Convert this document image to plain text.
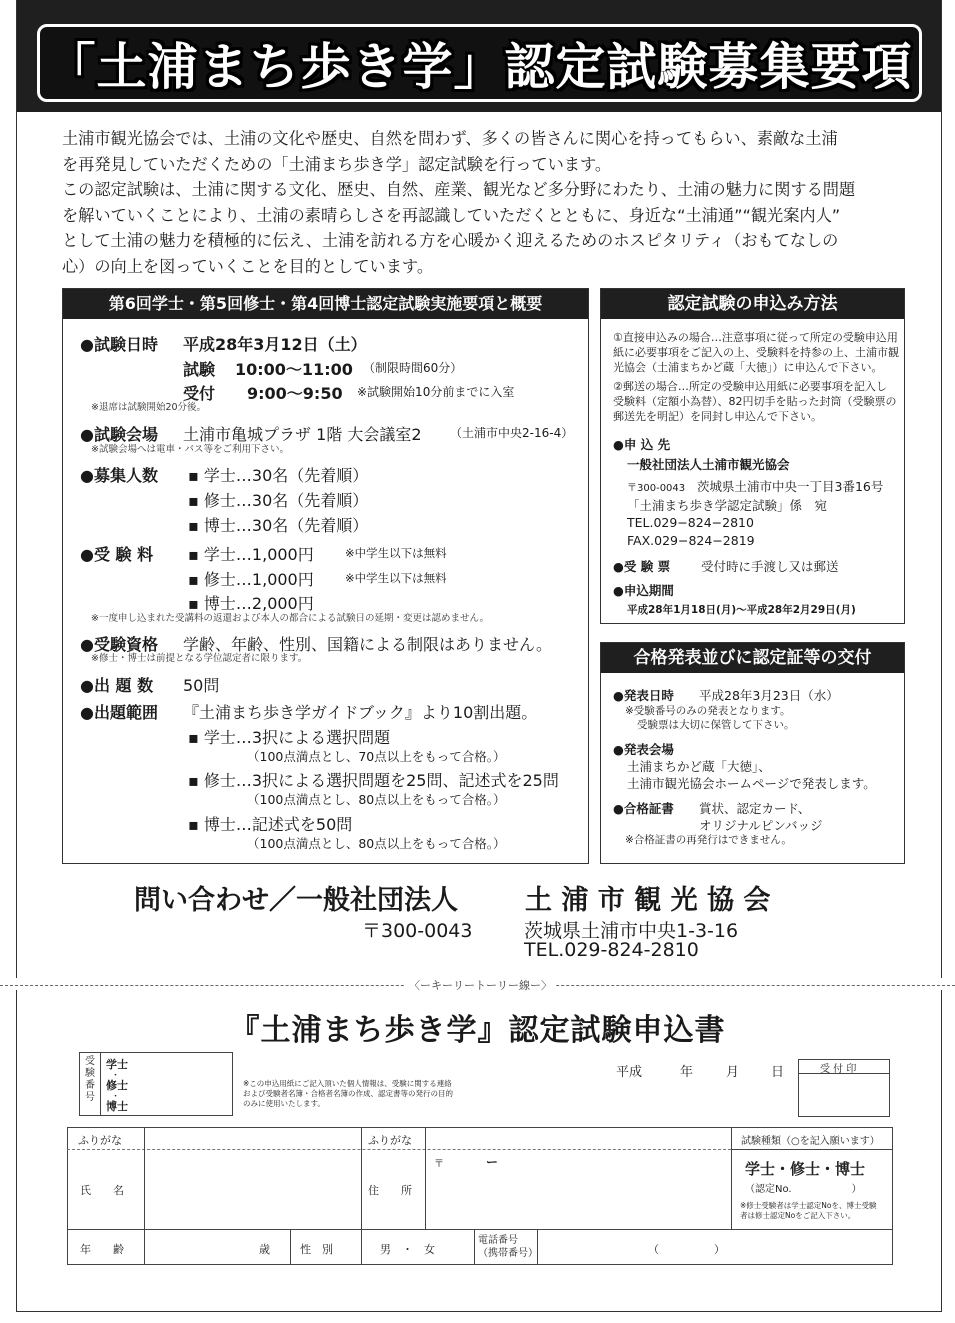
「土浦まち歩き学」認定試験募集要項
土浦市観光協会では、土浦の文化や歴史、自然を問わず、多くの皆さんに関心を持ってもらい、素敵な土浦
を再発見していただくための「土浦まち歩き学」認定試験を行っています。
この認定試験は、土浦に関する文化、歴史、自然、産業、観光など多分野にわたり、土浦の魅力に関する問題
を解いていくことにより、土浦の素晴らしさを再認識していただくとともに、身近な“土浦通”“観光案内人”
として土浦の魅力を積極的に伝え、土浦を訪れる方を心暖かく迎えるためのホスピタリティ（おもてなしの
心）の向上を図っていくことを目的としています。
第6回学士・第5回修士・第4回博士認定試験実施要項と概要
●試験日時 平成28年3月12日（土）
試験 10:00〜11:00 （制限時間60分）
受付 9:00〜9:50 ※試験開始10分前までに入室
※退席は試験開始20分後。
●試験会場 土浦市亀城プラザ 1階 大会議室2 （土浦市中央2-16-4）
※試験会場へは電車・バス等をご利用下さい。
●募集人数 ▪ 学士…30名（先着順）
▪ 修士…30名（先着順）
▪ 博士…30名（先着順）
●受 験 料 ▪ 学士…1,000円	※中学生以下は無料
▪ 修士…1,000円	※中学生以下は無料
▪ 博士…2,000円
※一度申し込まれた受講料の返還および本人の都合による試験日の延期・変更は認めません。
●受験資格 学齢、年齢、性別、国籍による制限はありません。
※修士・博士は前提となる学位認定者に限ります。
●出 題 数 50問
●出題範囲 『土浦まち歩き学ガイドブック』より10割出題。
▪ 学士…3択による選択問題
（100点満点とし、70点以上をもって合格。）
▪ 修士…3択による選択問題を25問、記述式を25問
（100点満点とし、80点以上をもって合格。）
▪ 博士…記述式を50問
（100点満点とし、80点以上をもって合格。）
認定試験の申込み方法
①直接申込みの場合…注意事項に従って所定の受験申込用
紙に必要事項をご記入の上、受験料を持参の上、土浦市観
光協会（土浦まちかど蔵「大徳」）に申込んで下さい。
②郵送の場合…所定の受験申込用紙に必要事項を記入し
受験料（定額小為替）、82円切手を貼った封筒（受験票の
郵送先を明記）を同封し申込んで下さい。
●申 込 先
一般社団法人土浦市観光協会
〒300-0043 茨城県土浦市中央一丁目3番16号
「土浦まち歩き学認定試験」係　宛
TEL.029−824−2810
FAX.029−824−2819
●受 験 票 受付時に手渡し又は郵送
●申込期間
平成28年1月18日(月)〜平成28年2月29日(月)
合格発表並びに認定証等の交付
●発表日時 平成28年3月23日（水）
※受験番号のみの発表となります。
受験票は大切に保管して下さい。
●発表会場
土浦まちかど蔵「大徳」、
土浦市観光協会ホームページで発表します。
●合格証書 賞状、認定カード、
オリジナルピンバッジ
※合格証書の再発行はできません。
問い合わせ／一般社団法人 土 浦 市 観 光 協 会
〒300-0043	茨城県土浦市中央1-3-16
TEL.029-824-2810
〈ーキーリートーリー線ー〉
『土浦まち歩き学』認定試験申込書
受験番号
学士
・
修士
・
博士
※この申込用紙にご記入頂いた個人情報は、受験に関する連絡
および受験者名簿・合格者名簿の作成、認定書等の発行の目的
のみに使用いたします。
平成	年	月 日	受 付 印
ふりがな	ふりがな	試験種類（○を記入願います）
氏　　名	住　　所
〒	ー	学士・修士・博士
（認定No.　　　　　　）
※修士受験者は学士認定Noを、博士受験
者は修士認定Noをご記入下さい。
年　　齢	歳	性　別	男　・　女
電話番号
（携帯番号）	（　　　　　）
